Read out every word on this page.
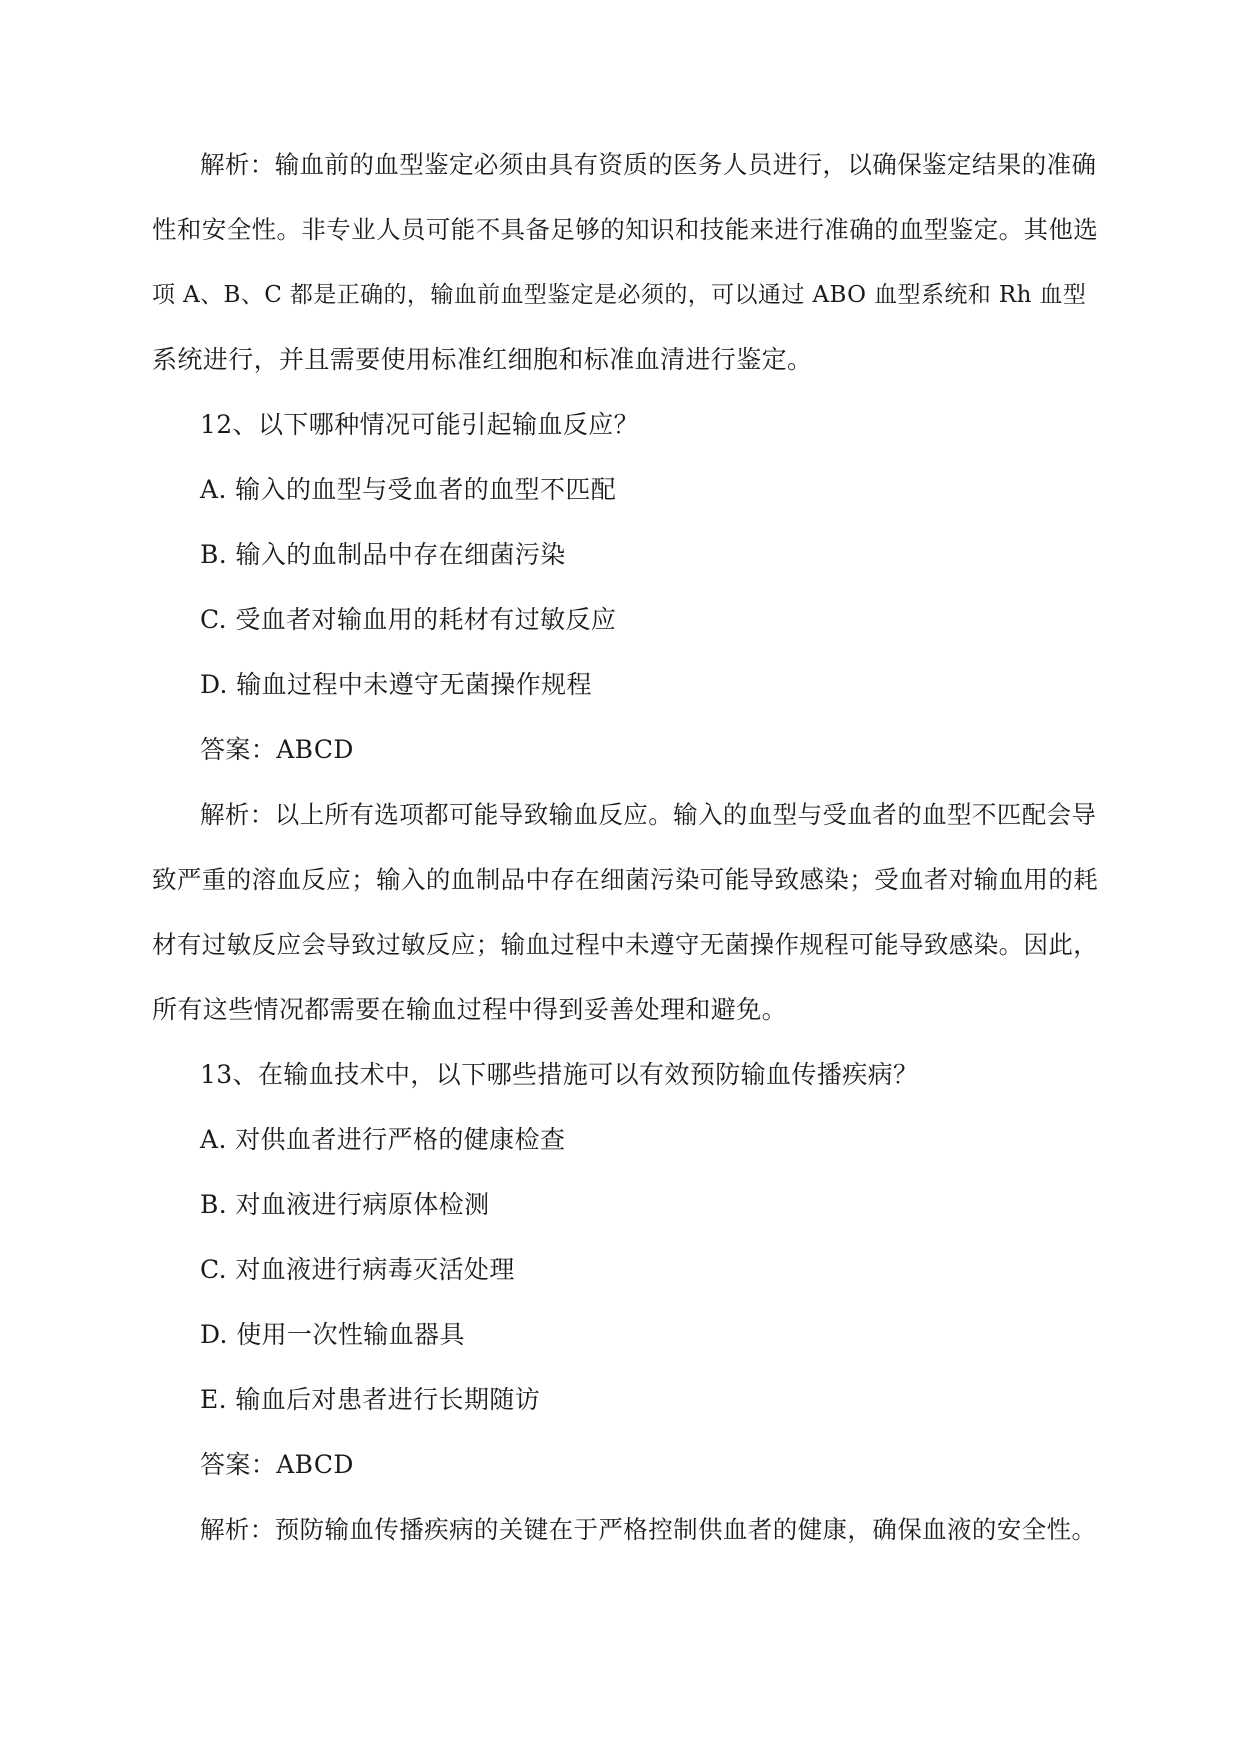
解析：输血前的血型鉴定必须由具有资质的医务人员进行，以确保鉴定结果的准确
性和安全性。非专业人员可能不具备足够的知识和技能来进行准确的血型鉴定。其他选
项 A、B、C 都是正确的，输血前血型鉴定是必须的，可以通过 ABO 血型系统和 Rh 血型
系统进行，并且需要使用标准红细胞和标准血清进行鉴定。
12、以下哪种情况可能引起输血反应？
A. 输入的血型与受血者的血型不匹配
B. 输入的血制品中存在细菌污染
C. 受血者对输血用的耗材有过敏反应
D. 输血过程中未遵守无菌操作规程
答案：ABCD
解析：以上所有选项都可能导致输血反应。输入的血型与受血者的血型不匹配会导
致严重的溶血反应；输入的血制品中存在细菌污染可能导致感染；受血者对输血用的耗
材有过敏反应会导致过敏反应；输血过程中未遵守无菌操作规程可能导致感染。因此，
所有这些情况都需要在输血过程中得到妥善处理和避免。
13、在输血技术中，以下哪些措施可以有效预防输血传播疾病？
A. 对供血者进行严格的健康检查
B. 对血液进行病原体检测
C. 对血液进行病毒灭活处理
D. 使用一次性输血器具
E. 输血后对患者进行长期随访
答案：ABCD
解析：预防输血传播疾病的关键在于严格控制供血者的健康，确保血液的安全性。
